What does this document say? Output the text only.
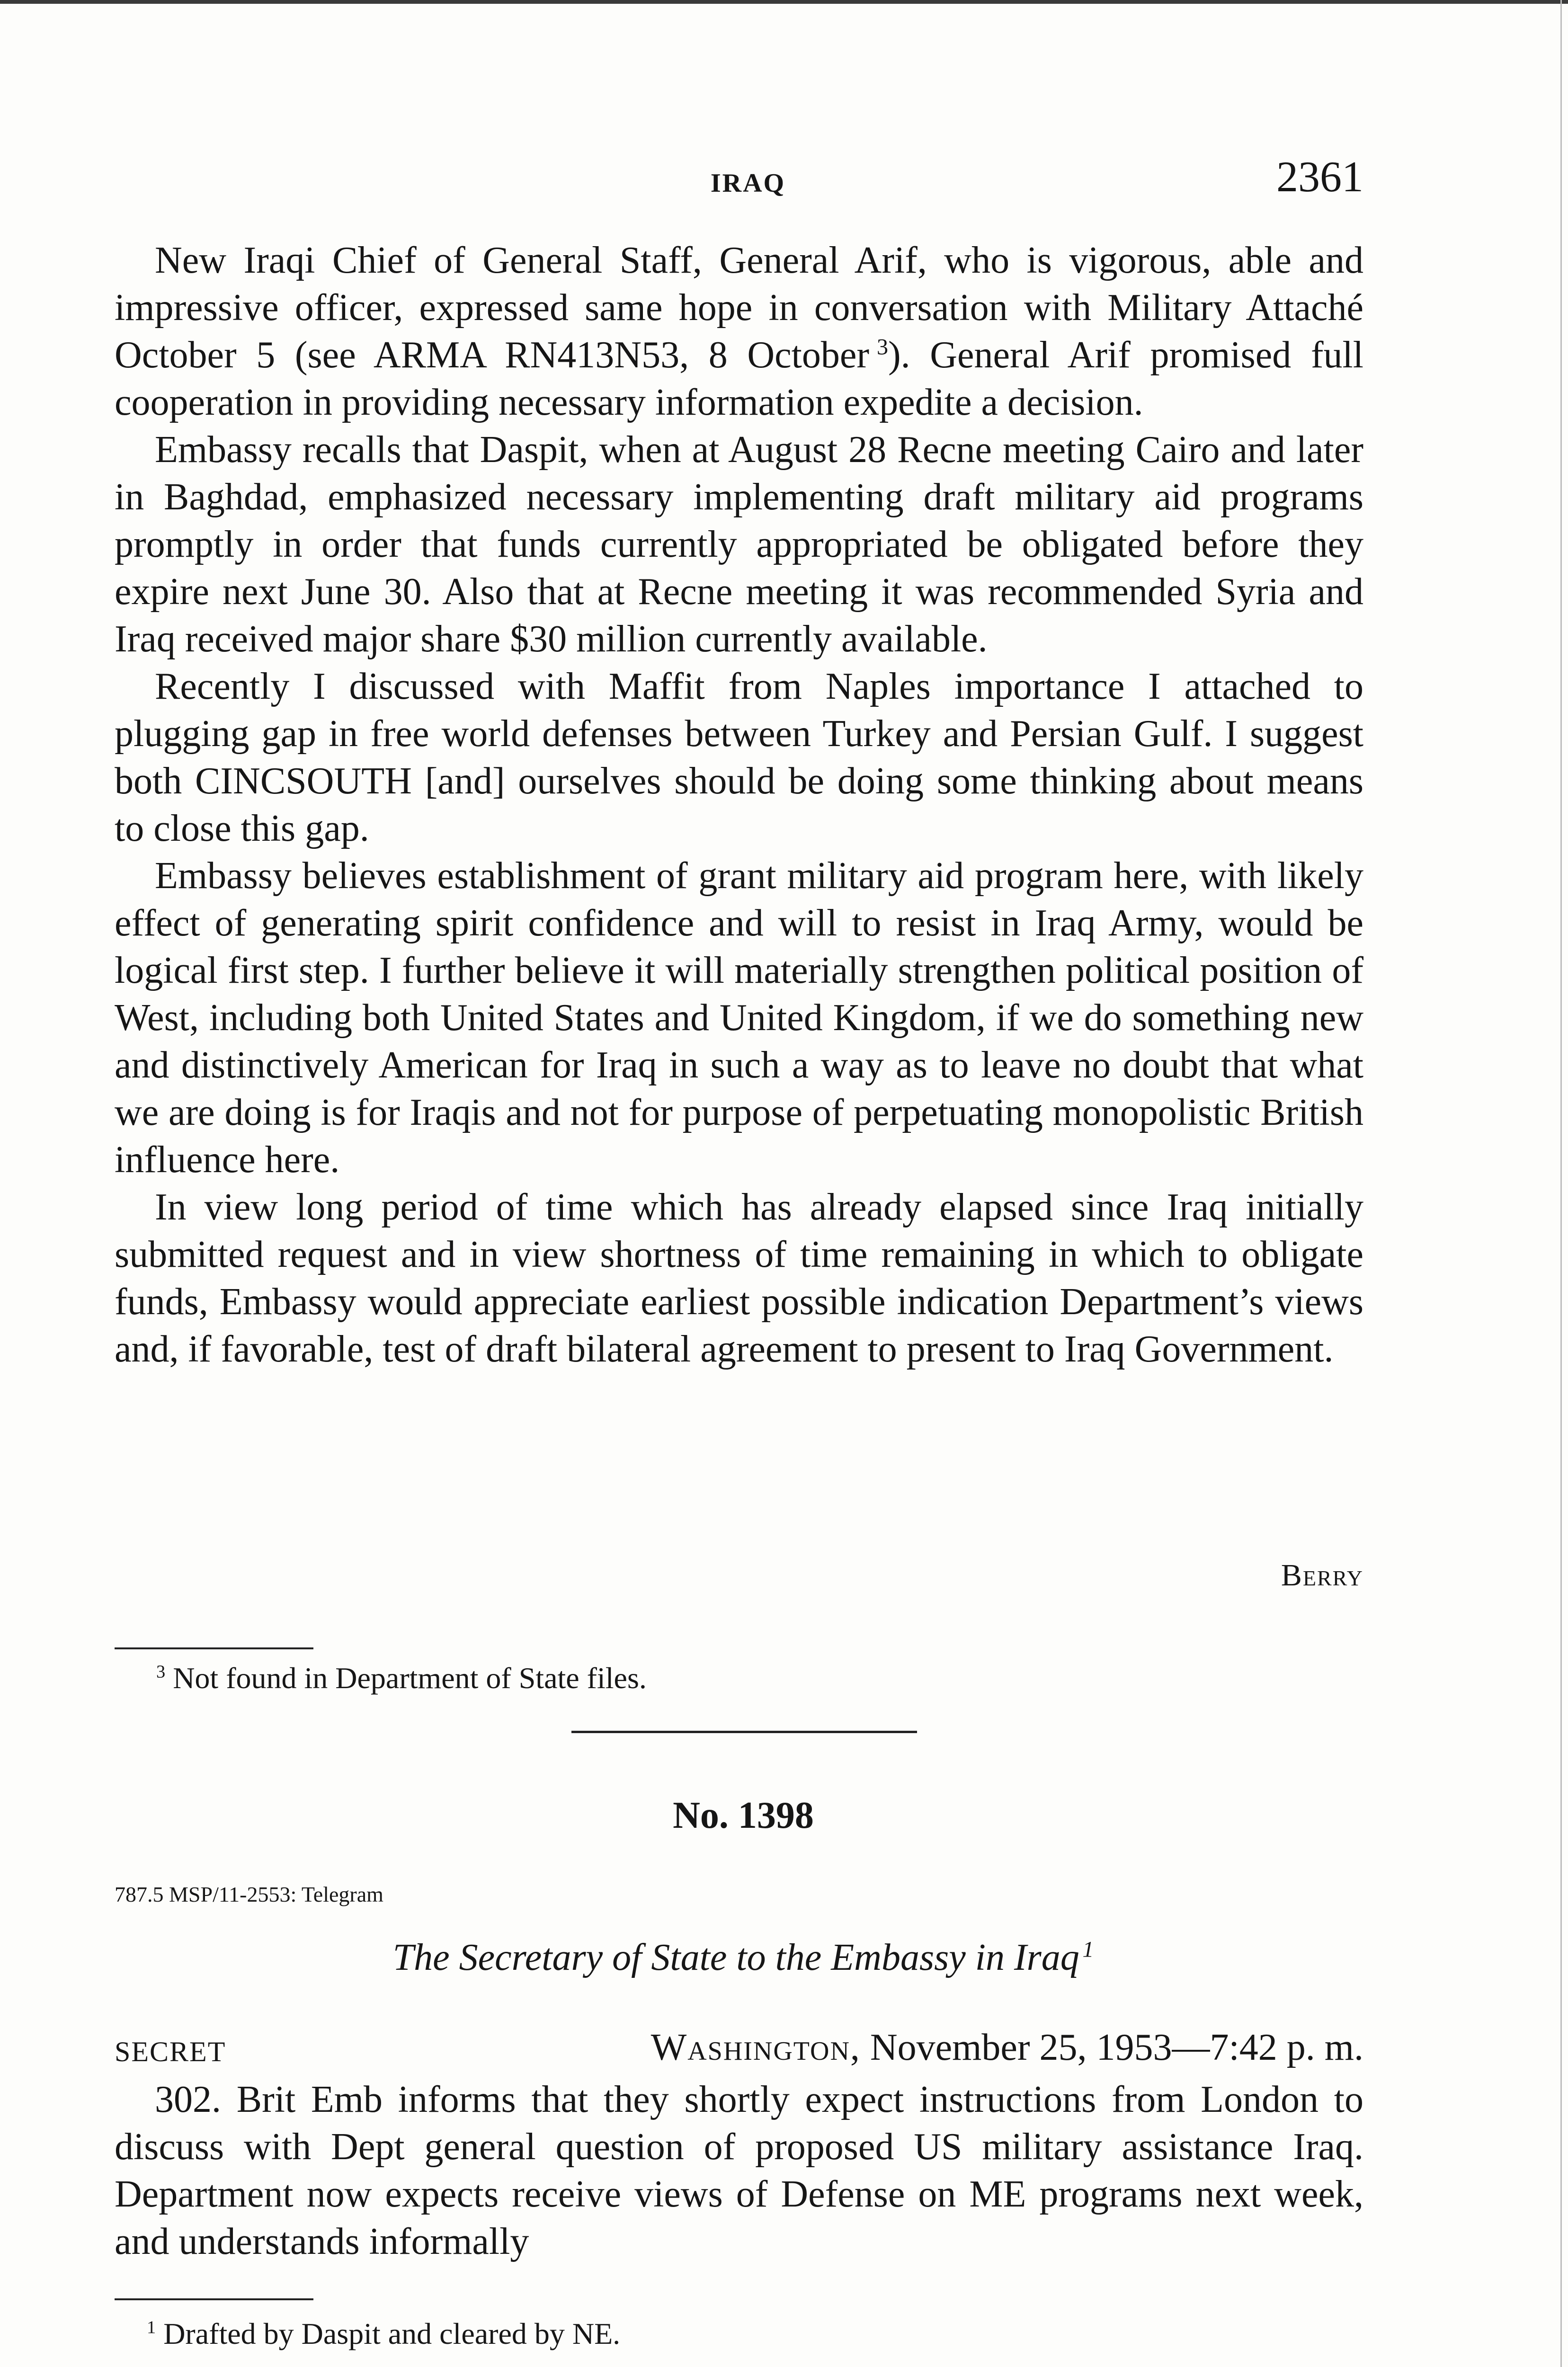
IRAQ	2361

New Iraqi Chief of General Staff, General Arif, who is vigorous, able and impressive officer, expressed same hope in conversation with Military Attaché October 5 (see ARMA RN413N53, 8 October  $^3$). General Arif promised full cooperation in providing necessary information expedite a decision.

Embassy recalls that Daspit, when at August 28 Recne meeting Cairo and later in Baghdad, emphasized necessary implementing draft military aid programs promptly in order that funds currently appropriated be obligated before they expire next June 30. Also that at Recne meeting it was recommended Syria and Iraq received major share $30 million currently available.

Recently I discussed with Maffit from Naples importance I attached to plugging gap in free world defenses between Turkey and Persian Gulf. I suggest both CINCSOUTH [and] ourselves should be doing some thinking about means to close this gap.

Embassy believes establishment of grant military aid program here, with likely effect of generating spirit confidence and will to resist in Iraq Army, would be logical first step. I further believe it will materially strengthen political position of West, including both United States and United Kingdom, if we do something new and distinctively American for Iraq in such a way as to leave no doubt that what we are doing is for Iraqis and not for purpose of perpetuating monopolistic British influence here.

In view long period of time which has already elapsed since Iraq initially submitted request and in view shortness of time remaining in which to obligate funds, Embassy would appreciate earliest possible indication Department’s views and, if favorable, test of draft bilateral agreement to present to Iraq Government.

Berry
$^3$ Not found in Department of State files.
No. 1398
787.5 MSP/11-2553: Telegram
The Secretary of State to the Embassy in Iraq  $^1$
SECRET	Washington, November 25, 1953—7:42 p. m.

302. Brit Emb informs that they shortly expect instructions from London to discuss with Dept general question of proposed US military assistance Iraq. Department now expects receive views of Defense on ME programs next week, and understands informally

$^1$ Drafted by Daspit and cleared by NE.
